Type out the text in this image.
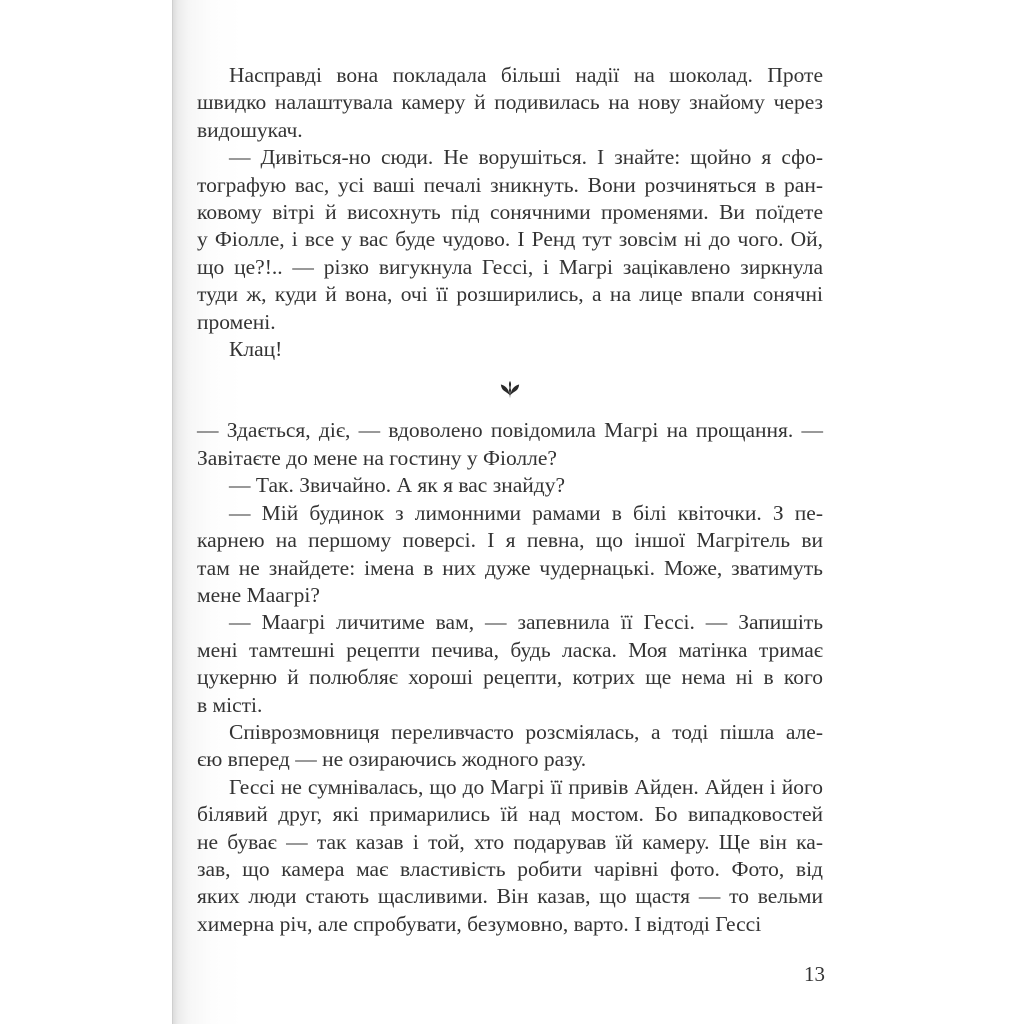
Насправді вона покладала більші надії на шоколад. Проте
швидко налаштувала камеру й подивилась на нову знайому через
видошукач.

— Дивіться-но сюди. Не ворушіться. І знайте: щойно я сфо-
тографую вас, усі ваші печалі зникнуть. Вони розчиняться в ран-
ковому вітрі й висохнуть під сонячними променями. Ви поїдете
у Фіолле, і все у вас буде чудово. І Ренд тут зовсім ні до чого. Ой,
що це?!.. — різко вигукнула Гессі, і Магрі зацікавлено зиркнула
туди ж, куди й вона, очі її розширились, а на лице впали сонячні
промені.

Клац!

— Здається, діє, — вдоволено повідомила Магрі на прощання. —
Завітаєте до мене на гостину у Фіолле?

— Так. Звичайно. А як я вас знайду?

— Мій будинок з лимонними рамами в білі квіточки. З пе-
карнею на першому поверсі. І я певна, що іншої Магрітель ви
там не знайдете: імена в них дуже чудернацькі. Може, зватимуть
мене Маагрі?

— Маагрі личитиме вам, — запевнила її Гессі. — Запишіть
мені тамтешні рецепти печива, будь ласка. Моя матінка тримає
цукерню й полюбляє хороші рецепти, котрих ще нема ні в кого
в місті.

Співрозмовниця переливчасто розсміялась, а тоді пішла але-
єю вперед — не озираючись жодного разу.

Гессі не сумнівалась, що до Магрі її привів Айден. Айден і його
білявий друг, які примарились їй над мостом. Бо випадковостей
не буває — так казав і той, хто подарував їй камеру. Ще він ка-
зав, що камера має властивість робити чарівні фото. Фото, від
яких люди стають щасливими. Він казав, що щастя — то вельми
химерна річ, але спробувати, безумовно, варто. І відтоді Гессі

13
